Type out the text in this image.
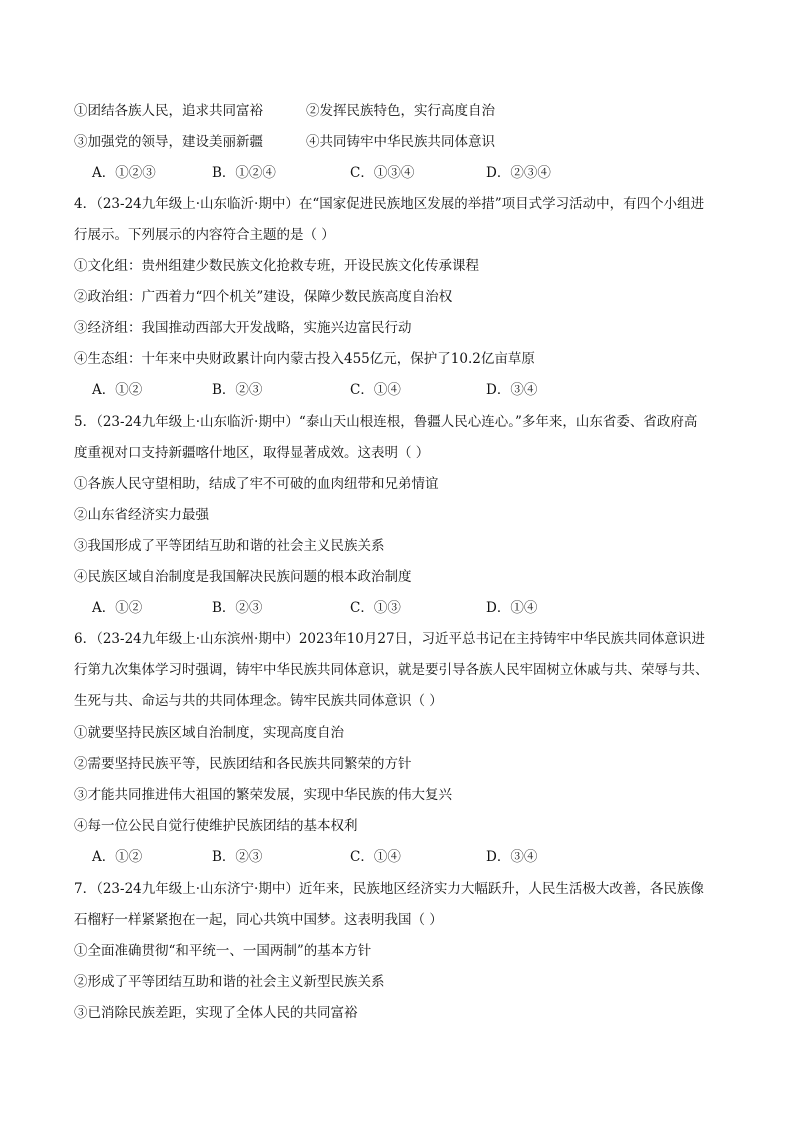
①团结各族人民，追求共同富裕	②发挥民族特色，实行高度自治
③加强党的领导，建设美丽新疆	④共同铸牢中华民族共同体意识
A．①②③	B．①②④	C．①③④	D．②③④
4．（23-24九年级上·山东临沂·期中）在“国家促进民族地区发展的举措”项目式学习活动中，有四个小组进
行展示。下列展示的内容符合主题的是（ ）
①文化组：贵州组建少数民族文化抢救专班，开设民族文化传承课程
②政治组：广西着力“四个机关”建设，保障少数民族高度自治权
③经济组：我国推动西部大开发战略，实施兴边富民行动
④生态组：十年来中央财政累计向内蒙古投入455亿元，保护了10.2亿亩草原
A．①②	B．②③	C．①④	D．③④
5．（23-24九年级上·山东临沂·期中）“泰山天山根连根，鲁疆人民心连心。”多年来，山东省委、省政府高
度重视对口支持新疆喀什地区，取得显著成效。这表明（ ）
①各族人民守望相助，结成了牢不可破的血肉纽带和兄弟情谊
②山东省经济实力最强
③我国形成了平等团结互助和谐的社会主义民族关系
④民族区域自治制度是我国解决民族问题的根本政治制度
A．①②	B．②③	C．①③	D．①④
6．（23-24九年级上·山东滨州·期中）2023年10月27日，习近平总书记在主持铸牢中华民族共同体意识进
行第九次集体学习时强调，铸牢中华民族共同体意识，就是要引导各族人民牢固树立休戚与共、荣辱与共、
生死与共、命运与共的共同体理念。铸牢民族共同体意识（ ）
①就要坚持民族区域自治制度，实现高度自治
②需要坚持民族平等，民族团结和各民族共同繁荣的方针
③才能共同推进伟大祖国的繁荣发展，实现中华民族的伟大复兴
④每一位公民自觉行使维护民族团结的基本权利
A．①②	B．②③	C．①④	D．③④
7．（23-24九年级上·山东济宁·期中）近年来，民族地区经济实力大幅跃升，人民生活极大改善，各民族像
石榴籽一样紧紧抱在一起，同心共筑中国梦。这表明我国（ ）
①全面准确贯彻“和平统一、一国两制”的基本方针
②形成了平等团结互助和谐的社会主义新型民族关系
③已消除民族差距，实现了全体人民的共同富裕
